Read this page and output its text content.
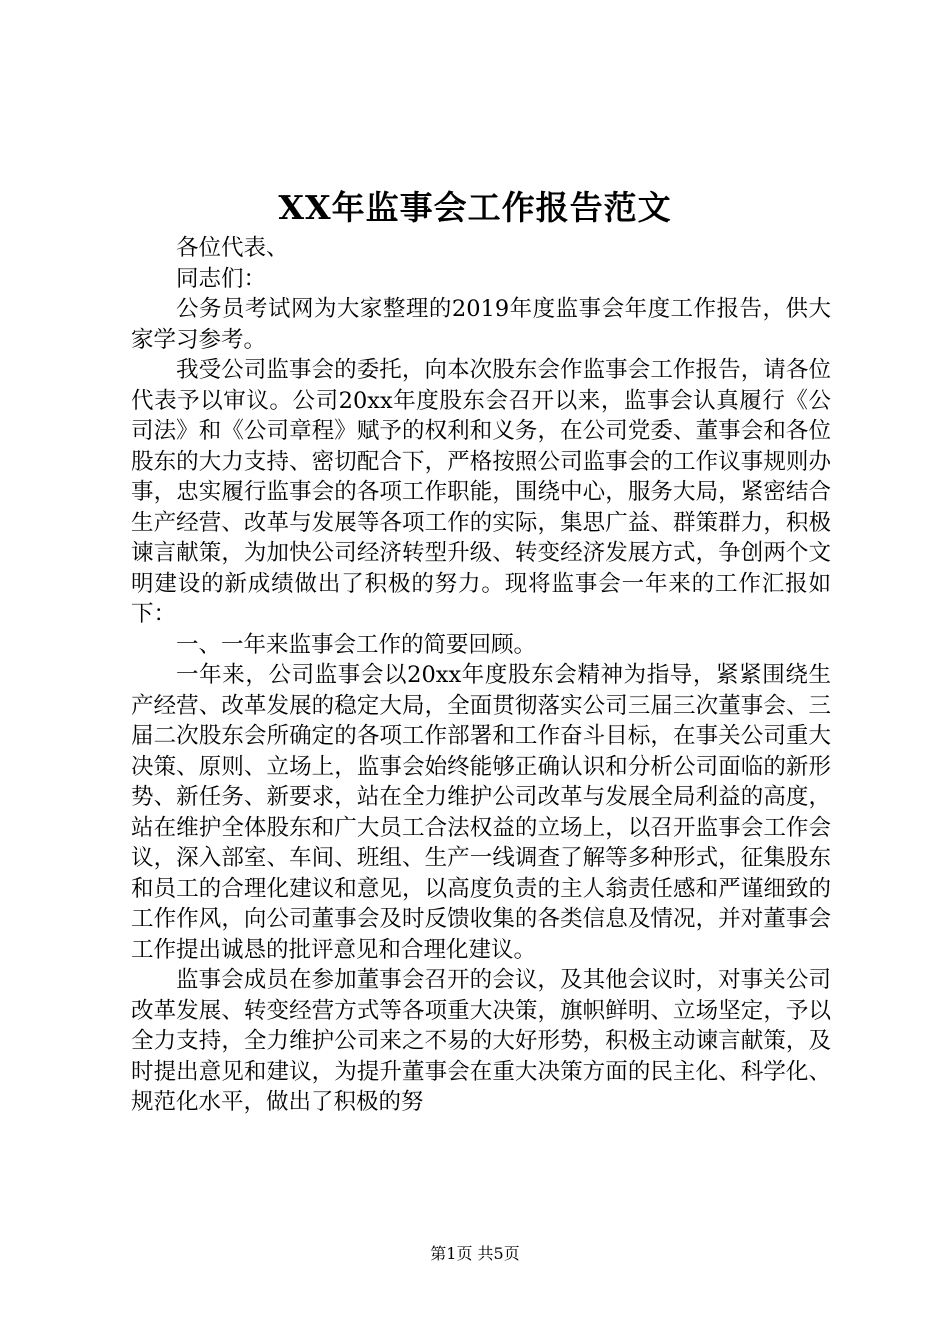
XX年监事会工作报告范文

各位代表、

同志们：

公务员考试网为大家整理的2019年度监事会年度工作报告，供大家学习参考。

我受公司监事会的委托，向本次股东会作监事会工作报告，请各位代表予以审议。公司20xx年度股东会召开以来，监事会认真履行《公司法》和《公司章程》赋予的权利和义务，在公司党委、董事会和各位股东的大力支持、密切配合下，严格按照公司监事会的工作议事规则办事，忠实履行监事会的各项工作职能，围绕中心，服务大局，紧密结合生产经营、改革与发展等各项工作的实际，集思广益、群策群力，积极谏言献策，为加快公司经济转型升级、转变经济发展方式，争创两个文明建设的新成绩做出了积极的努力。现将监事会一年来的工作汇报如下：

一、一年来监事会工作的简要回顾。

一年来，公司监事会以20xx年度股东会精神为指导，紧紧围绕生产经营、改革发展的稳定大局，全面贯彻落实公司三届三次董事会、三届二次股东会所确定的各项工作部署和工作奋斗目标，在事关公司重大决策、原则、立场上，监事会始终能够正确认识和分析公司面临的新形势、新任务、新要求，站在全力维护公司改革与发展全局利益的高度，站在维护全体股东和广大员工合法权益的立场上，以召开监事会工作会议，深入部室、车间、班组、生产一线调查了解等多种形式，征集股东和员工的合理化建议和意见，以高度负责的主人翁责任感和严谨细致的工作作风，向公司董事会及时反馈收集的各类信息及情况，并对董事会工作提出诚恳的批评意见和合理化建议。

监事会成员在参加董事会召开的会议，及其他会议时，对事关公司改革发展、转变经营方式等各项重大决策，旗帜鲜明、立场坚定，予以全力支持，全力维护公司来之不易的大好形势，积极主动谏言献策，及时提出意见和建议，为提升董事会在重大决策方面的民主化、科学化、规范化水平，做出了积极的努

第1页 共5页
